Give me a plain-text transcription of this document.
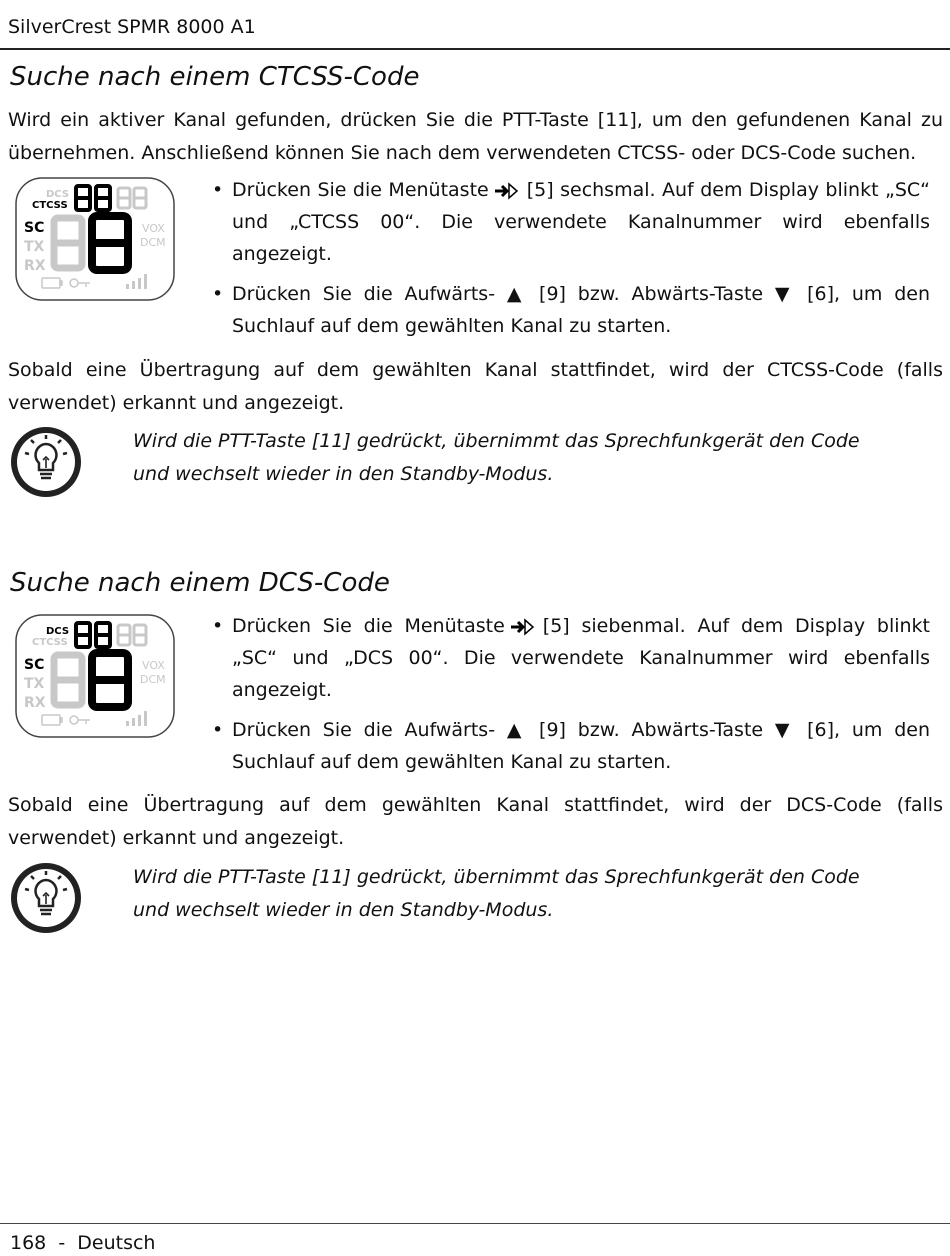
SilverCrest SPMR 8000 A1
Suche nach einem CTCSS-Code
Wird ein aktiver Kanal gefunden, drücken Sie die PTT-Taste [11], um den gefundenen Kanal zu übernehmen. Anschließend können Sie nach dem verwendeten CTCSS- oder DCS-Code suchen.
DCS
CTCSS
SC
TX
RX
VOX
DCM
• Drücken Sie die Menütaste [5] sechsmal. Auf dem Display blinkt „SC“ und „CTCSS 00“. Die verwendete Kanalnummer wird ebenfalls angezeigt.
• Drücken Sie die Aufwärts- ▲ [9] bzw. Abwärts-Taste ▼ [6], um den Suchlauf auf dem gewählten Kanal zu starten.
Sobald eine Übertragung auf dem gewählten Kanal stattfindet, wird der CTCSS-Code (falls verwendet) erkannt und angezeigt.
Wird die PTT-Taste [11] gedrückt, übernimmt das Sprechfunkgerät den Code und wechselt wieder in den Standby-Modus.
Suche nach einem DCS-Code
DCS
CTCSS
SC
TX
RX
VOX
DCM
• Drücken Sie die Menütaste [5] siebenmal. Auf dem Display blinkt „SC“ und „DCS 00“. Die verwendete Kanalnummer wird ebenfalls angezeigt.
• Drücken Sie die Aufwärts- ▲ [9] bzw. Abwärts-Taste ▼ [6], um den Suchlauf auf dem gewählten Kanal zu starten.
Sobald eine Übertragung auf dem gewählten Kanal stattfindet, wird der DCS-Code (falls verwendet) erkannt und angezeigt.
Wird die PTT-Taste [11] gedrückt, übernimmt das Sprechfunkgerät den Code und wechselt wieder in den Standby-Modus.
168  -  Deutsch
